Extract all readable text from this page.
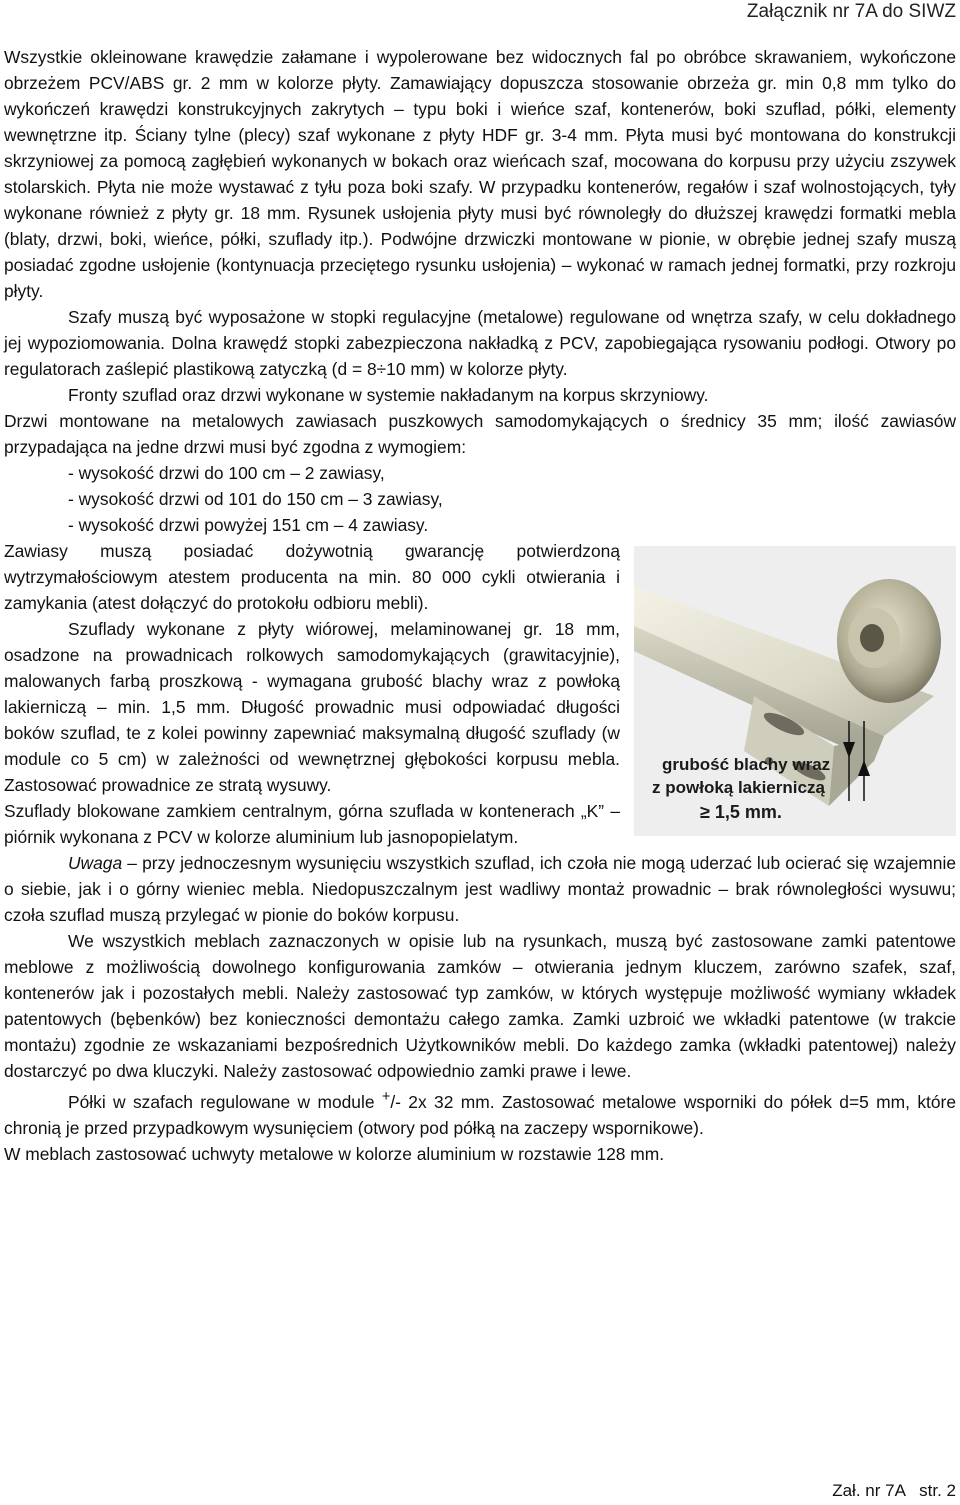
Załącznik nr 7A do SIWZ

Wszystkie okleinowane krawędzie załamane i wypolerowane bez widocznych fal po obróbce skrawaniem, wykończone obrzeżem PCV/ABS gr. 2 mm w kolorze płyty. Zamawiający dopuszcza stosowanie obrzeża gr. min 0,8 mm tylko do wykończeń krawędzi konstrukcyjnych zakrytych – typu boki i wieńce szaf, kontenerów, boki szuflad, półki, elementy wewnętrzne itp. Ściany tylne (plecy) szaf wykonane z płyty HDF gr. 3-4 mm. Płyta musi być montowana do konstrukcji skrzyniowej za pomocą zagłębień wykonanych w bokach oraz wieńcach szaf, mocowana do korpusu przy użyciu zszywek stolarskich. Płyta nie może wystawać z tyłu poza boki szafy. W przypadku kontenerów, regałów i szaf wolnostojących, tyły wykonane również z płyty gr. 18 mm. Rysunek usłojenia płyty musi być równoległy do dłuższej krawędzi formatki mebla (blaty, drzwi, boki, wieńce, półki, szuflady itp.). Podwójne drzwiczki montowane w pionie, w obrębie jednej szafy muszą posiadać zgodne usłojenie (kontynuacja przeciętego rysunku usłojenia) – wykonać w ramach jednej formatki, przy rozkroju płyty.

Szafy muszą być wyposażone w stopki regulacyjne (metalowe) regulowane od wnętrza szafy, w celu dokładnego jej wypoziomowania. Dolna krawędź stopki zabezpieczona nakładką z PCV, zapobiegająca rysowaniu podłogi. Otwory po regulatorach zaślepić plastikową zatyczką (d = 8÷10 mm) w kolorze płyty.

Fronty szuflad oraz drzwi wykonane w systemie nakładanym na korpus skrzyniowy.

Drzwi montowane na metalowych zawiasach puszkowych samodomykających o średnicy 35 mm; ilość zawiasów przypadająca na jedne drzwi musi być zgodna z wymogiem:

- wysokość drzwi do 100 cm – 2 zawiasy,
- wysokość drzwi od 101 do 150 cm – 3 zawiasy,
- wysokość drzwi powyżej 151 cm – 4 zawiasy.
grubość blachy wraz
z powłoką lakierniczą
≥ 1,5 mm.

Zawiasy muszą posiadać dożywotnią gwarancję potwierdzoną wytrzymałościowym atestem producenta na min. 80 000 cykli otwierania i zamykania (atest dołączyć do protokołu odbioru mebli).

Szuflady wykonane z płyty wiórowej, melaminowanej gr. 18 mm, osadzone na prowadnicach rolkowych samodomykających (grawitacyjnie), malowanych farbą proszkową - wymagana grubość blachy wraz z powłoką lakierniczą – min. 1,5 mm. Długość prowadnic musi odpowiadać długości boków szuflad, te z kolei powinny zapewniać maksymalną długość szuflady (w module co 5 cm) w zależności od wewnętrznej głębokości korpusu mebla. Zastosować prowadnice ze stratą wysuwy.

Szuflady blokowane zamkiem centralnym, górna szuflada w kontenerach „K” – piórnik wykonana z PCV w kolorze aluminium lub jasnopopielatym.

Uwaga – przy jednoczesnym wysunięciu wszystkich szuflad, ich czoła nie mogą uderzać lub ocierać się wzajemnie o siebie, jak i o górny wieniec mebla. Niedopuszczalnym jest wadliwy montaż prowadnic – brak równoległości wysuwu; czoła szuflad muszą przylegać w pionie do boków korpusu.

We wszystkich meblach zaznaczonych w opisie lub na rysunkach, muszą być zastosowane zamki patentowe meblowe z możliwością dowolnego konfigurowania zamków – otwierania jednym kluczem, zarówno szafek, szaf, kontenerów jak i pozostałych mebli. Należy zastosować typ zamków, w których występuje możliwość wymiany wkładek patentowych (bębenków) bez konieczności demontażu całego zamka. Zamki uzbroić we wkładki patentowe (w trakcie montażu) zgodnie ze wskazaniami bezpośrednich Użytkowników mebli. Do każdego zamka (wkładki patentowej) należy dostarczyć po dwa kluczyki. Należy zastosować odpowiednio zamki prawe i lewe.

Półki w szafach regulowane w module +/- 2x 32 mm. Zastosować metalowe wsporniki do półek d=5 mm, które chronią je przed przypadkowym wysunięciem (otwory pod półką na zaczepy wspornikowe).

W meblach zastosować uchwyty metalowe w kolorze aluminium w rozstawie 128 mm.

Zał. nr 7A   str. 2
